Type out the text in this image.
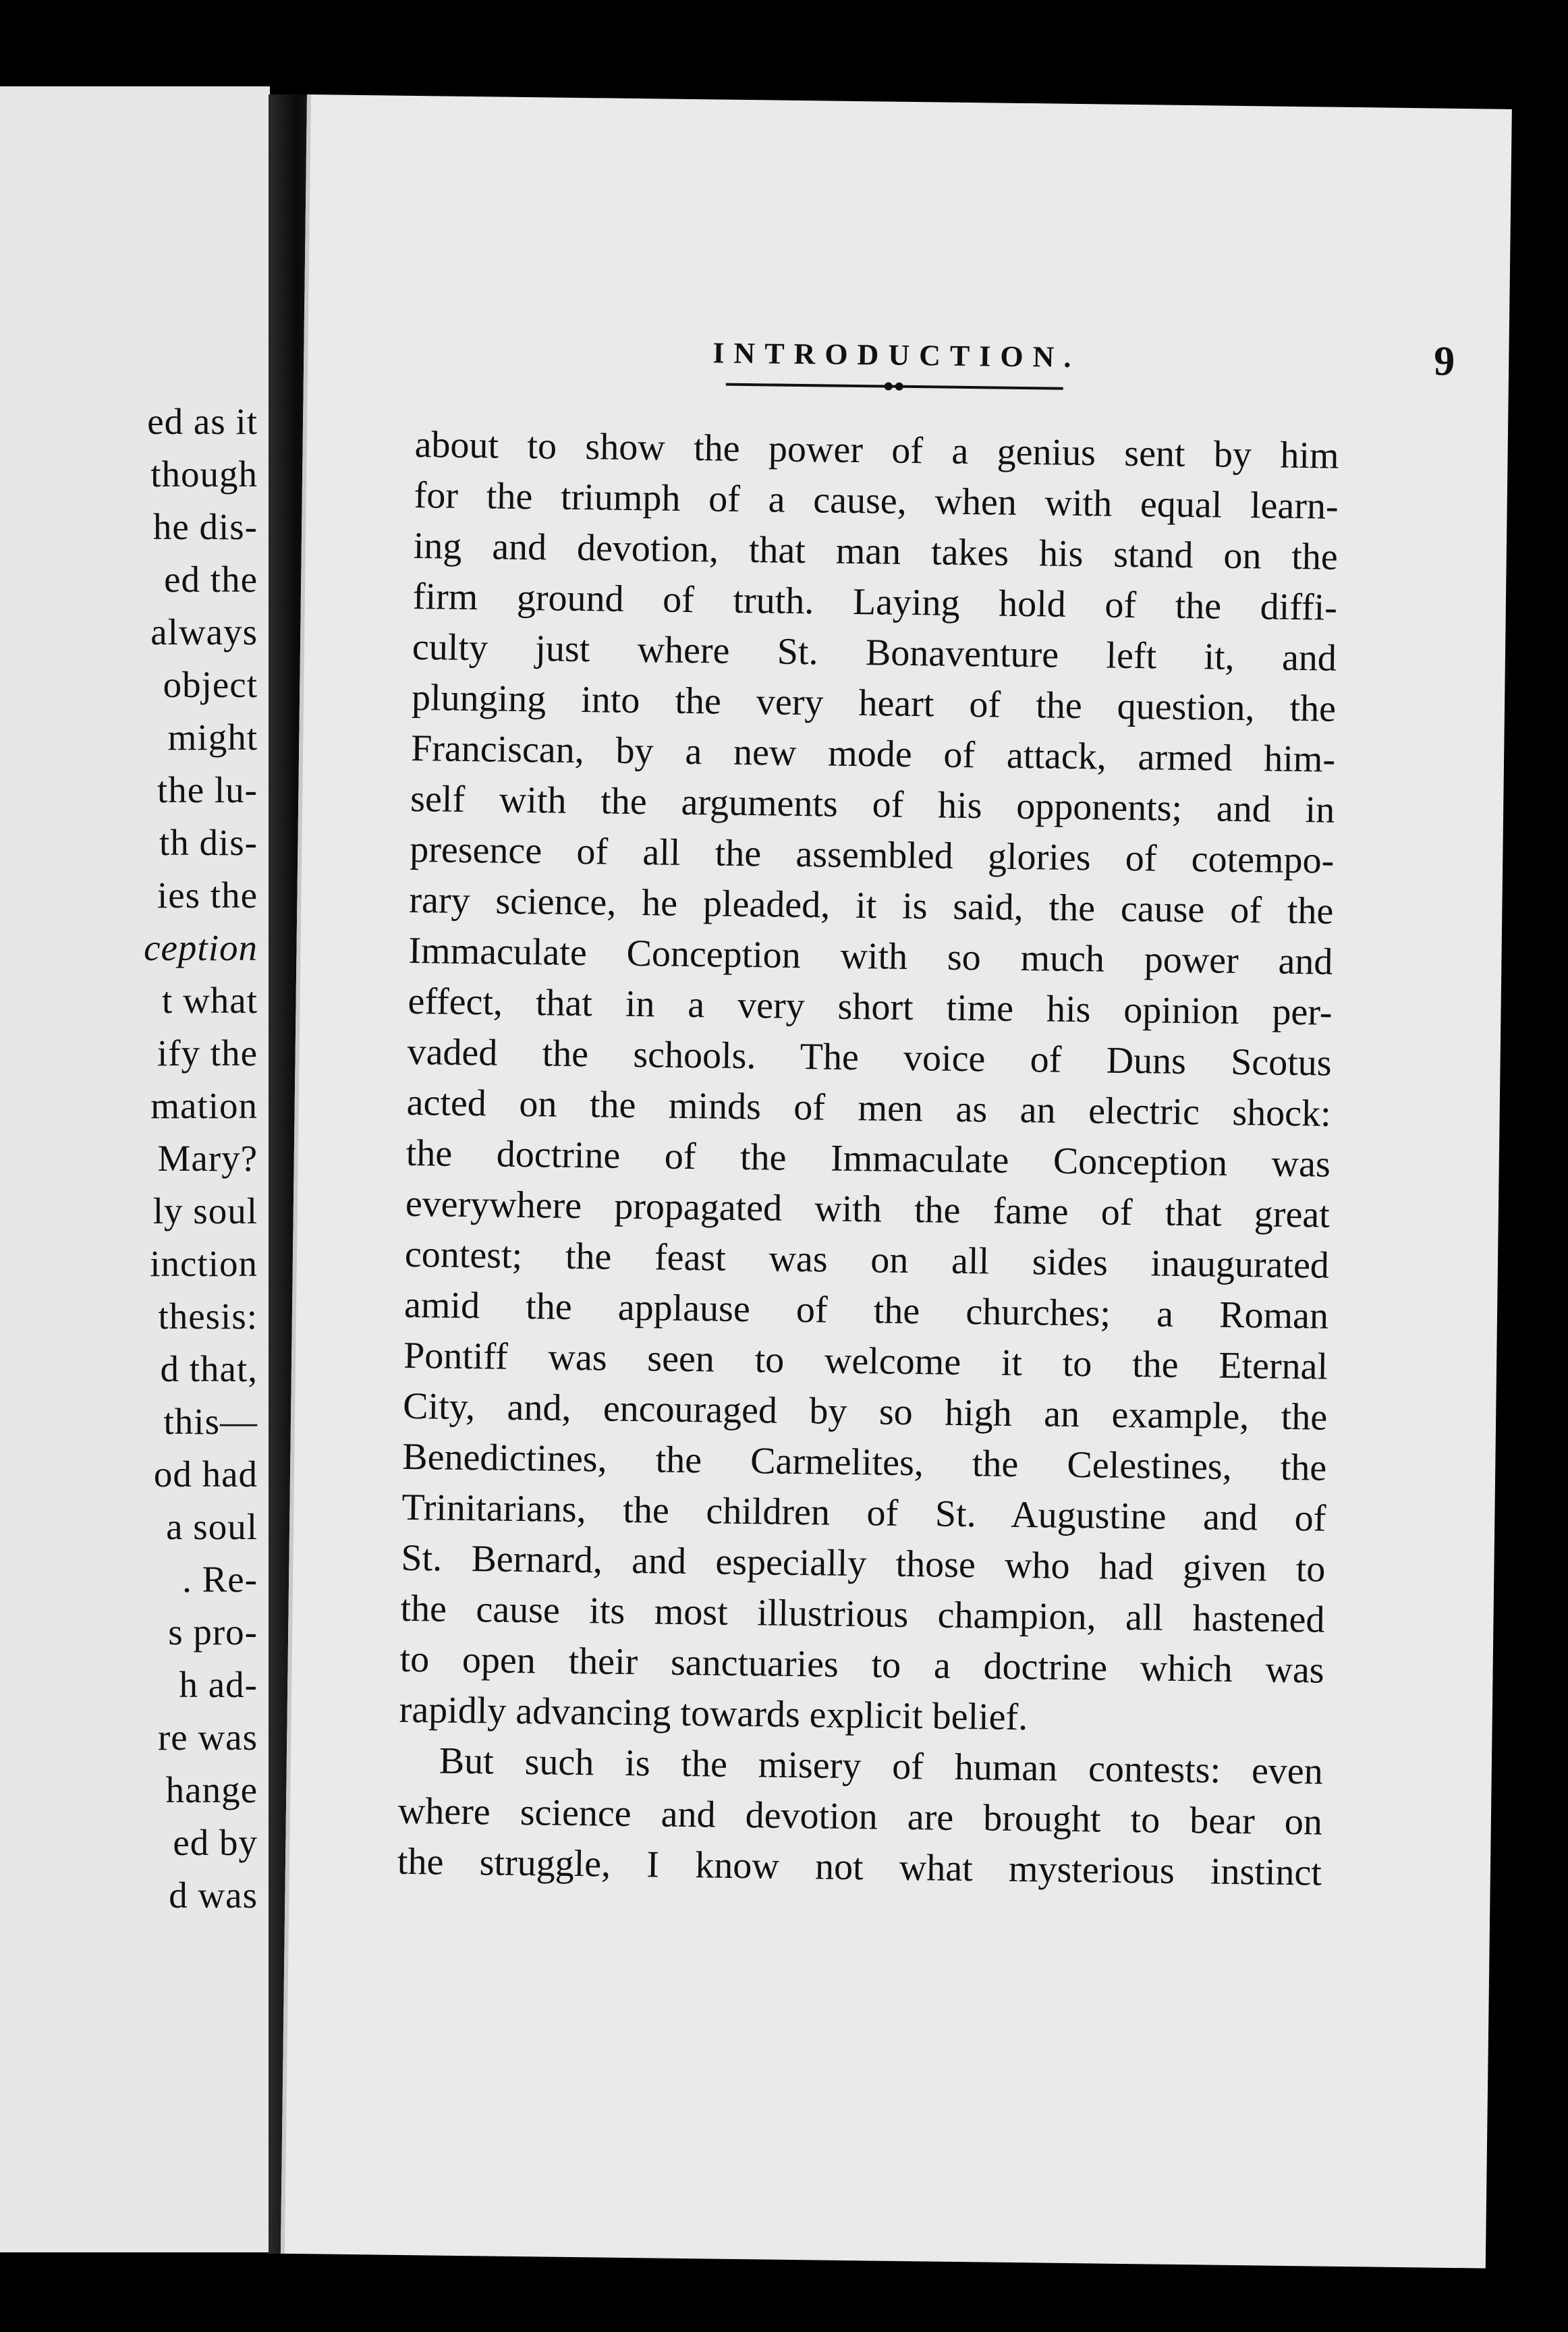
ed as it
though
he dis-
ed the
always
object
might
the lu-
th dis-
ies the
ception
t what
ify the
mation
Mary?
ly soul
inction
thesis:
d that,
this—
od had
a soul
. Re-
s pro-
h ad-
re was
hange
ed by
d was
INTRODUCTION.	9
about to show the power of a genius sent by him
for the triumph of a cause, when with equal learn-
ing and devotion, that man takes his stand on the
firm ground of truth. Laying hold of the diffi-
culty just where St. Bonaventure left it, and
plunging into the very heart of the question, the
Franciscan, by a new mode of attack, armed him-
self with the arguments of his opponents; and in
presence of all the assembled glories of cotempo-
rary science, he pleaded, it is said, the cause of the
Immaculate Conception with so much power and
effect, that in a very short time his opinion per-
vaded the schools. The voice of Duns Scotus
acted on the minds of men as an electric shock:
the doctrine of the Immaculate Conception was
everywhere propagated with the fame of that great
contest; the feast was on all sides inaugurated
amid the applause of the churches; a Roman
Pontiff was seen to welcome it to the Eternal
City, and, encouraged by so high an example, the
Benedictines, the Carmelites, the Celestines, the
Trinitarians, the children of St. Augustine and of
St. Bernard, and especially those who had given to
the cause its most illustrious champion, all hastened
to open their sanctuaries to a doctrine which was
rapidly advancing towards explicit belief.
But such is the misery of human contests: even
where science and devotion are brought to bear on
the struggle, I know not what mysterious instinct
